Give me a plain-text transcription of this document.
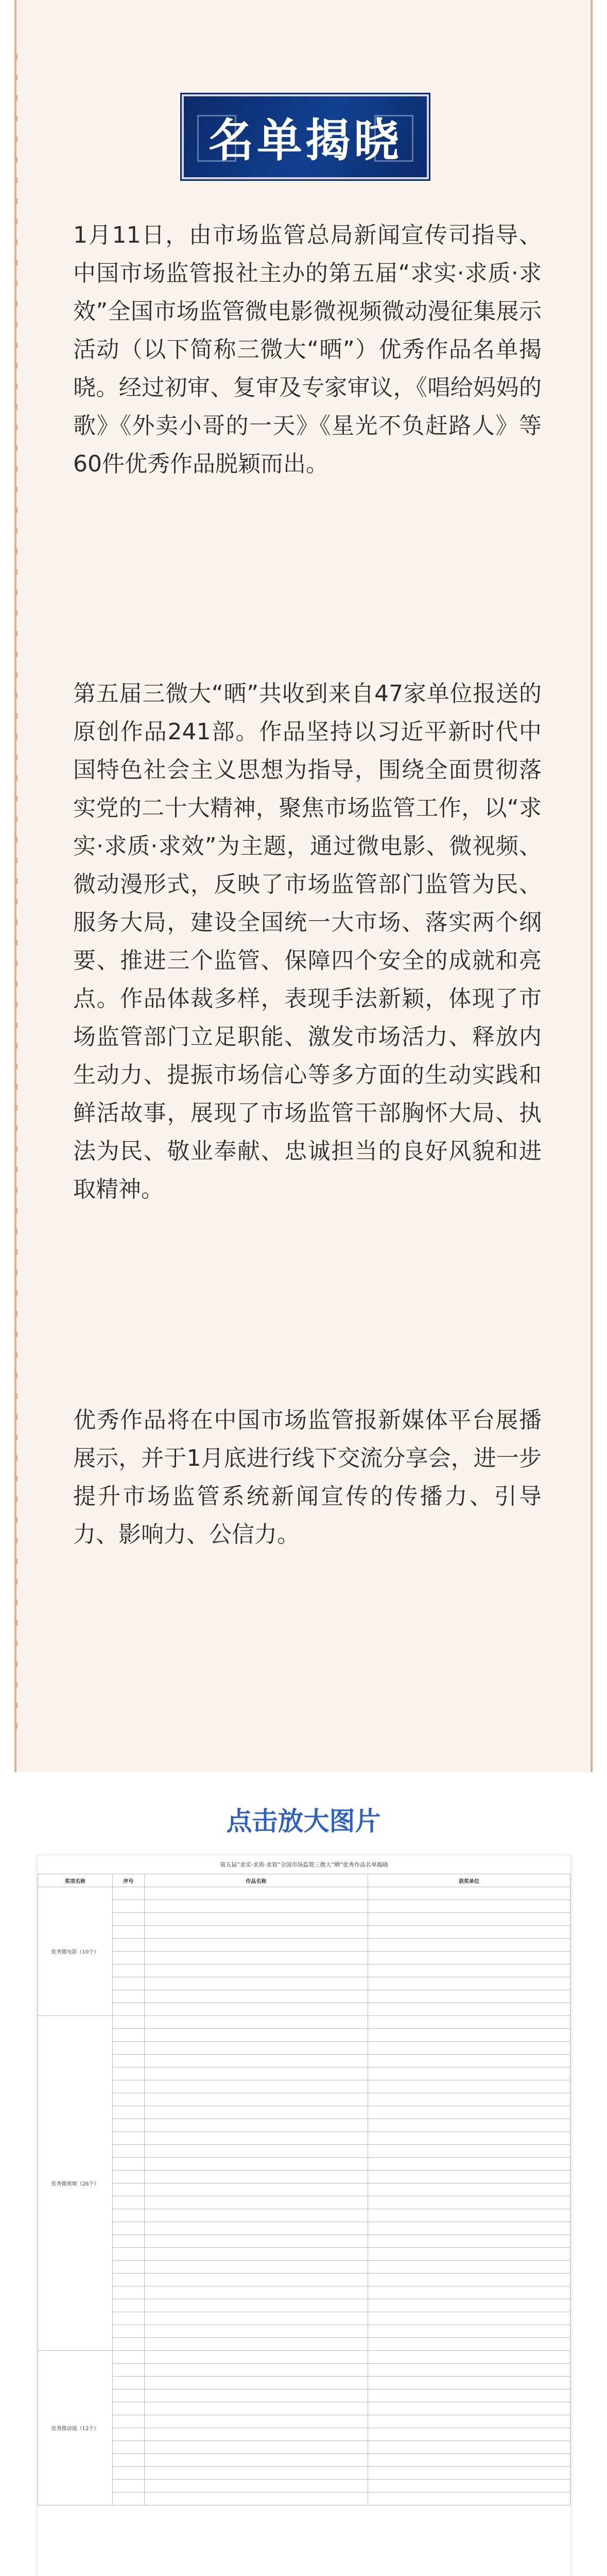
名单揭晓

1月11日，由市场监管总局新闻宣传司指导、中国市场监管报社主办的第五届“求实·求质·求效”全国市场监管微电影微视频微动漫征集展示活动（以下简称三微大“晒”）优秀作品名单揭晓。经过初审、复审及专家审议，《唱给妈妈的歌》《外卖小哥的一天》《星光不负赶路人》等60件优秀作品脱颖而出。

第五届三微大“晒”共收到来自47家单位报送的原创作品241部。作品坚持以习近平新时代中国特色社会主义思想为指导，围绕全面贯彻落实党的二十大精神，聚焦市场监管工作，以“求实·求质·求效”为主题，通过微电影、微视频、微动漫形式，反映了市场监管部门监管为民、服务大局，建设全国统一大市场、落实两个纲要、推进三个监管、保障四个安全的成就和亮点。作品体裁多样，表现手法新颖，体现了市场监管部门立足职能、激发市场活力、释放内生动力、提振市场信心等多方面的生动实践和鲜活故事，展现了市场监管干部胸怀大局、执法为民、敬业奉献、忠诚担当的良好风貌和进取精神。

优秀作品将在中国市场监管报新媒体平台展播展示，并于1月底进行线下交流分享会，进一步提升市场监管系统新闻宣传的传播力、引导力、影响力、公信力。

点击放大图片
第五届“求实·求质·求效”全国市场监管三微大“晒”优秀作品名单揭晓
奖项名称	序号	作品名称	获奖单位
优秀微电影（10个）			

优秀微视频（26个）			

优秀微动漫（12个）			
